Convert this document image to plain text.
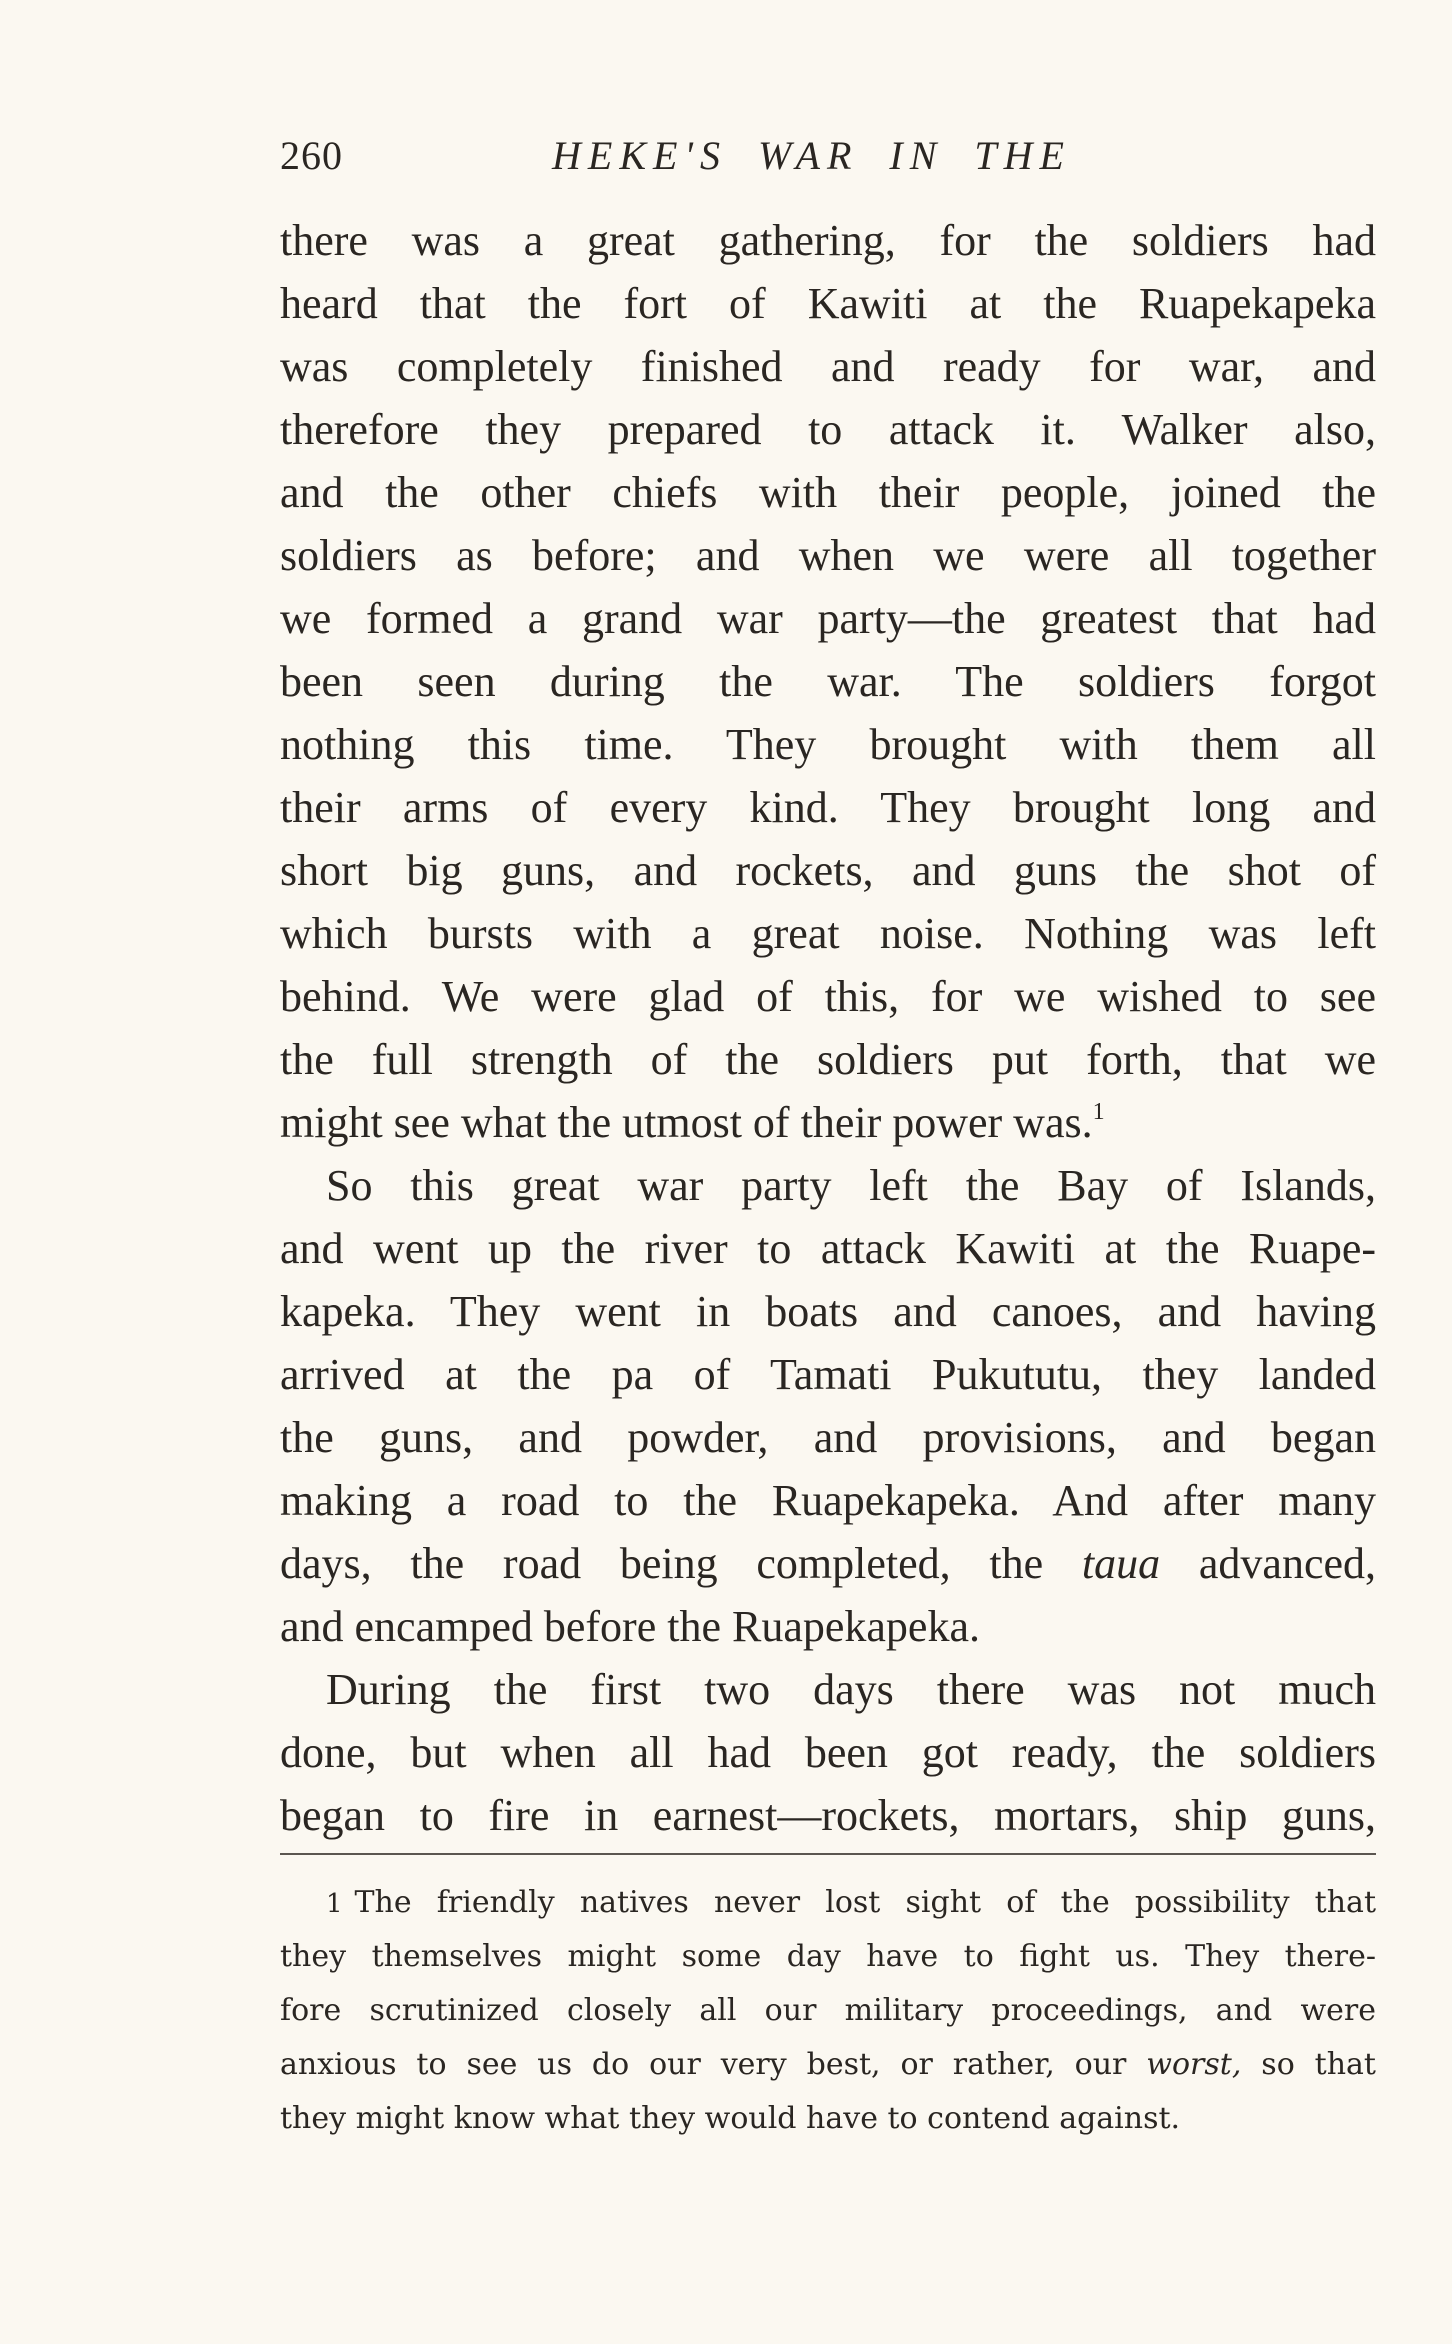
260	HEKE'S WAR IN THE
there was a great gathering, for the soldiers had
heard that the fort of Kawiti at the Ruapekapeka
was completely finished and ready for war, and
therefore they prepared to attack it. Walker also,
and the other chiefs with their people, joined the
soldiers as before; and when we were all together
we formed a grand war party—the greatest that had
been seen during the war. The soldiers forgot
nothing this time. They brought with them all
their arms of every kind. They brought long and
short big guns, and rockets, and guns the shot of
which bursts with a great noise. Nothing was left
behind. We were glad of this, for we wished to see
the full strength of the soldiers put forth, that we
might see what the utmost of their power was.$^1$
So this great war party left the Bay of Islands,
and went up the river to attack Kawiti at the Ruape-
kapeka. They went in boats and canoes, and having
arrived at the pa of Tamati Pukututu, they landed
the guns, and powder, and provisions, and began
making a road to the Ruapekapeka. And after many
days, the road being completed, the taua advanced,
and encamped before the Ruapekapeka.
During the first two days there was not much
done, but when all had been got ready, the soldiers
began to fire in earnest—rockets, mortars, ship guns,
1 The friendly natives never lost sight of the possibility that
they themselves might some day have to fight us. They there-
fore scrutinized closely all our military proceedings, and were
anxious to see us do our very best, or rather, our worst, so that
they might know what they would have to contend against.
